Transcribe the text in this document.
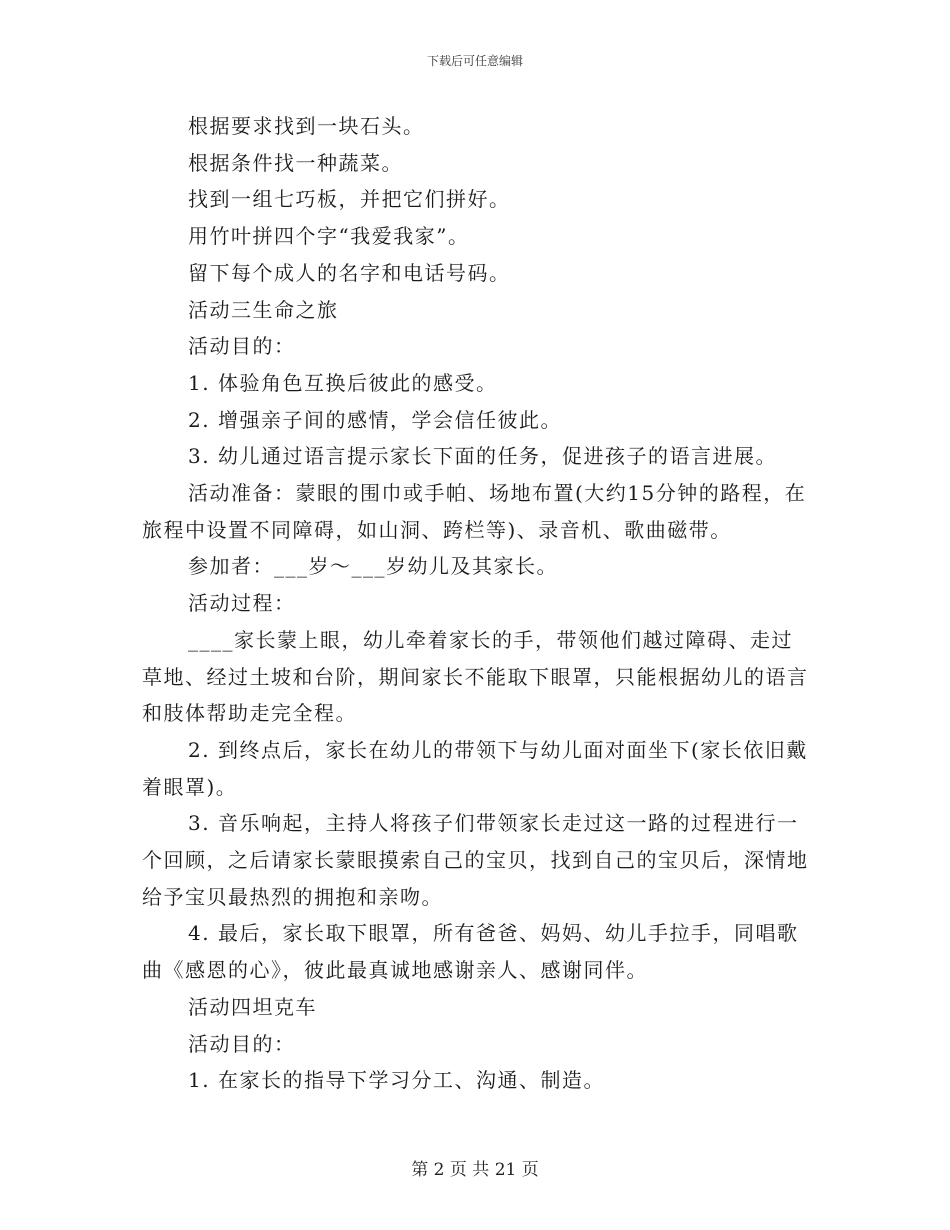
下载后可任意编辑

根据要求找到一块石头。

根据条件找一种蔬菜。

找到一组七巧板，并把它们拼好。

用竹叶拼四个字“我爱我家”。

留下每个成人的名字和电话号码。

活动三生命之旅

活动目的：

1. 体验角色互换后彼此的感受。

2. 增强亲子间的感情，学会信任彼此。

3. 幼儿通过语言提示家长下面的任务，促进孩子的语言进展。

活动准备：蒙眼的围巾或手帕、场地布置(大约15分钟的路程，在旅程中设置不同障碍，如山洞、跨栏等)、录音机、歌曲磁带。

参加者：___岁～___岁幼儿及其家长。

活动过程：

____家长蒙上眼，幼儿牵着家长的手，带领他们越过障碍、走过草地、经过土坡和台阶，期间家长不能取下眼罩，只能根据幼儿的语言和肢体帮助走完全程。

2. 到终点后，家长在幼儿的带领下与幼儿面对面坐下(家长依旧戴着眼罩)。

3. 音乐响起，主持人将孩子们带领家长走过这一路的过程进行一个回顾，之后请家长蒙眼摸索自己的宝贝，找到自己的宝贝后，深情地给予宝贝最热烈的拥抱和亲吻。

4. 最后，家长取下眼罩，所有爸爸、妈妈、幼儿手拉手，同唱歌曲《感恩的心》，彼此最真诚地感谢亲人、感谢同伴。

活动四坦克车

活动目的：

1. 在家长的指导下学习分工、沟通、制造。

第 2 页 共 21 页
